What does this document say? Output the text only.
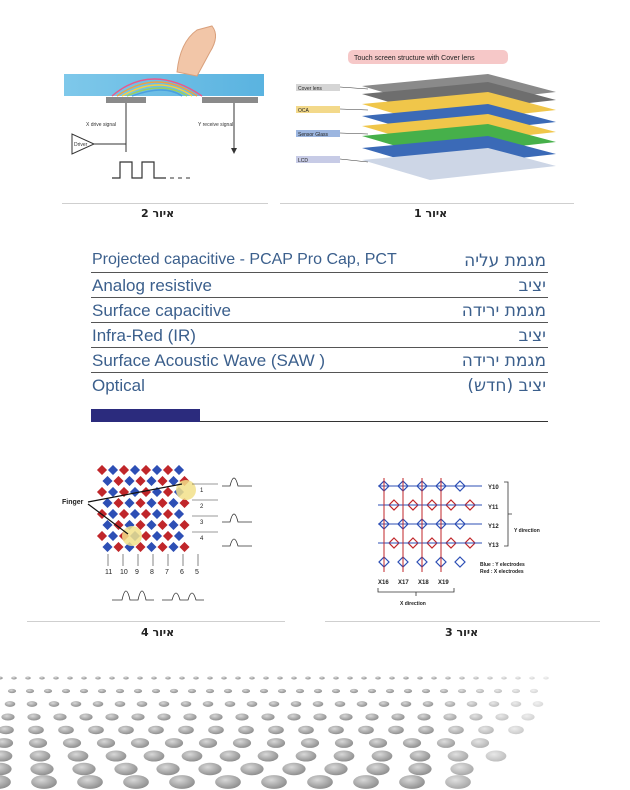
X drive signal	Y receive signal
Driver
איור 2
Touch screen structure with Cover lens
Cover lens
OCA
Sensor Glass
LCD
איור 1
Projected capacitive - PCAP Pro Cap, PCT	מגמת עליה
Analog resistive	יציב
Surface capacitive	מגמת ירידה
Infra-Red (IR)	יציב
Surface Acoustic Wave (SAW )	מגמת ירידה
Optical	יציב (חדש)
Finger
1
2
3
4
11 10 9 8 7 6 5
איור 4
Y10
Y11
Y12
Y13
Y direction
Blue : Y electrodes
Red : X electrodes
X16 X17 X18 X19
X direction
איור 3
